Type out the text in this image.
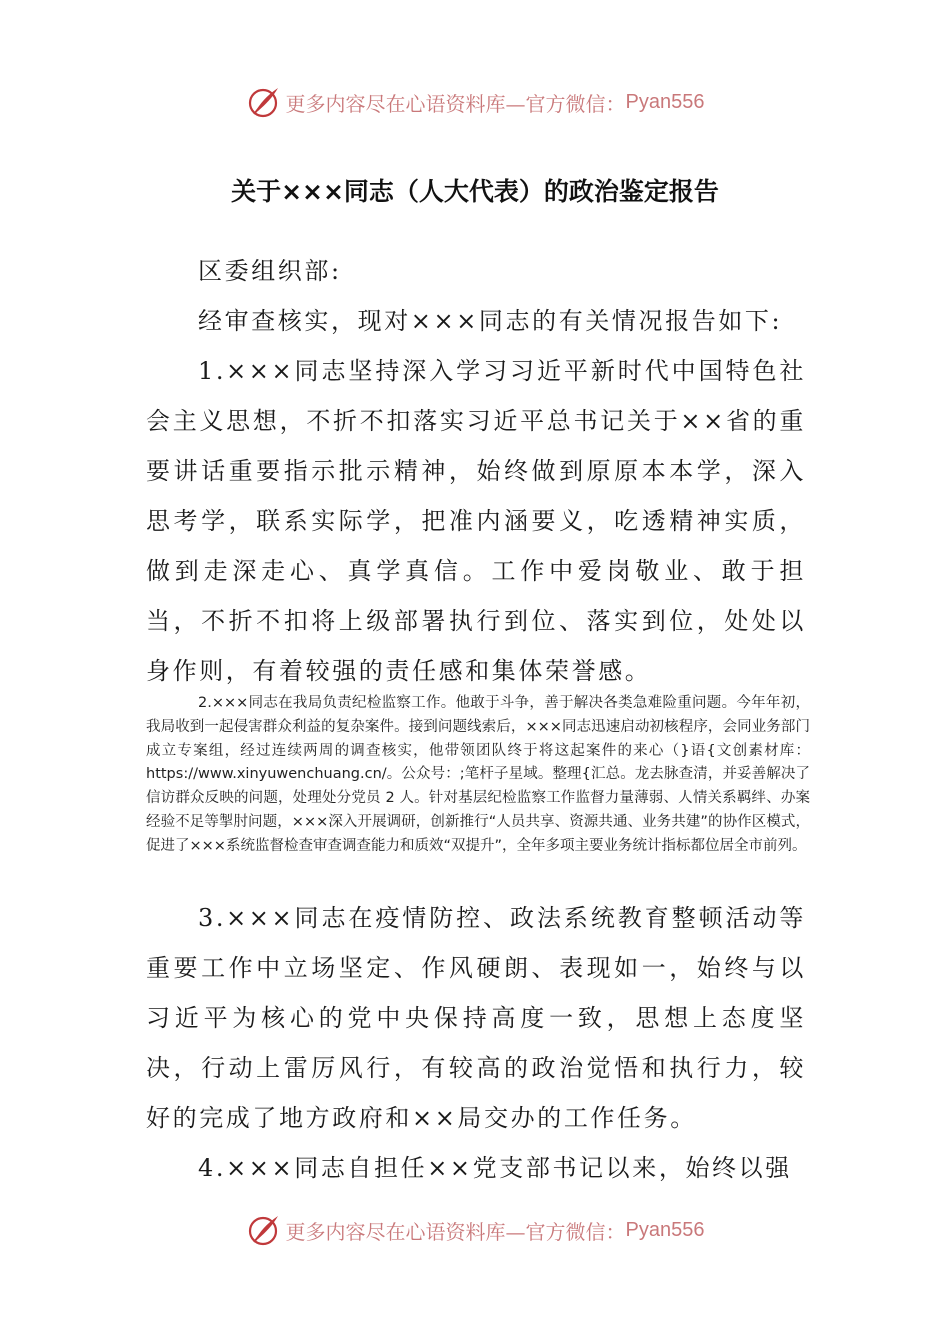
更多内容尽在心语资料库—官方微信： Pyan556
关于×××同志（人大代表）的政治鉴定报告

区委组织部:

经审查核实，现对×××同志的有关情况报告如下:

1.×××同志坚持深入学习习近平新时代中国特色社会主义思想，不折不扣落实习近平总书记关于××省的重要讲话重要指示批示精神，始终做到原原本本学，深入思考学，联系实际学，把准内涵要义，吃透精神实质，做到走深走心、真学真信。工作中爱岗敬业、敢于担当，不折不扣将上级部署执行到位、落实到位，处处以身作则，有着较强的责任感和集体荣誉感。

2.×××同志在我局负责纪检监察工作。他敢于斗争，善于解决各类急难险重问题。今年年初，我局收到一起侵害群众利益的复杂案件。接到问题线索后，×××同志迅速启动初核程序，会同业务部门成立专案组，经过连续两周的调查核实，他带领团队终于将这起案件的来心（}语{文创素材库：https://www.xinyuwenchuang.cn/。公众号：;笔杆子星域。整理{汇总。龙去脉查清，并妥善解决了信访群众反映的问题，处理处分党员 2 人。针对基层纪检监察工作监督力量薄弱、人情关系羁绊、办案经验不足等掣肘问题，×××深入开展调研，创新推行“人员共享、资源共通、业务共建”的协作区模式，促进了×××系统监督检查审查调查能力和质效“双提升”，全年多项主要业务统计指标都位居全市前列。

3.×××同志在疫情防控、政法系统教育整顿活动等重要工作中立场坚定、作风硬朗、表现如一，始终与以习近平为核心的党中央保持高度一致，思想上态度坚决，行动上雷厉风行，有较高的政治觉悟和执行力，较好的完成了地方政府和××局交办的工作任务。

4.×××同志自担任××党支部书记以来，始终以强

更多内容尽在心语资料库—官方微信： Pyan556
